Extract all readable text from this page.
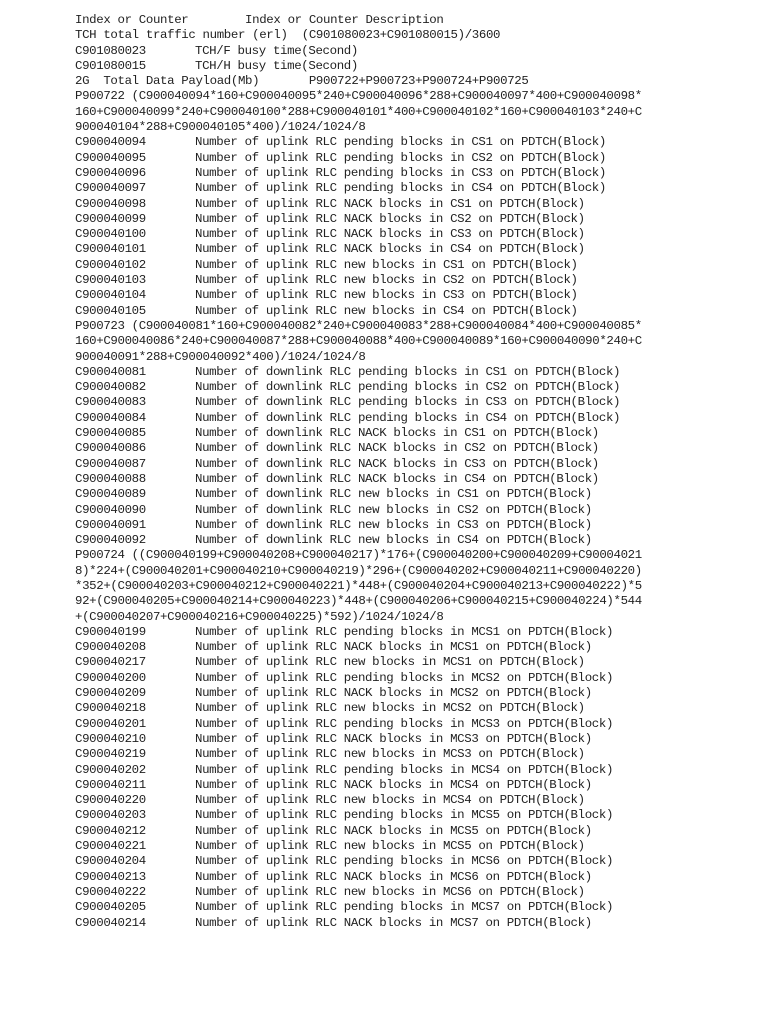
Index or Counter        Index or Counter Description
TCH total traffic number (erl)  (C901080023+C901080015)/3600
C901080023	TCH/F busy time(Second)
C901080015	TCH/H busy time(Second)
2G  Total Data Payload(Mb)       P900722+P900723+P900724+P900725
P900722 (C900040094*160+C900040095*240+C900040096*288+C900040097*400+C900040098*
160+C900040099*240+C900040100*288+C900040101*400+C900040102*160+C900040103*240+C
900040104*288+C900040105*400)/1024/1024/8
C900040094	Number of uplink RLC pending blocks in CS1 on PDTCH(Block)
C900040095	Number of uplink RLC pending blocks in CS2 on PDTCH(Block)
C900040096	Number of uplink RLC pending blocks in CS3 on PDTCH(Block)
C900040097	Number of uplink RLC pending blocks in CS4 on PDTCH(Block)
C900040098	Number of uplink RLC NACK blocks in CS1 on PDTCH(Block)
C900040099	Number of uplink RLC NACK blocks in CS2 on PDTCH(Block)
C900040100	Number of uplink RLC NACK blocks in CS3 on PDTCH(Block)
C900040101	Number of uplink RLC NACK blocks in CS4 on PDTCH(Block)
C900040102	Number of uplink RLC new blocks in CS1 on PDTCH(Block)
C900040103	Number of uplink RLC new blocks in CS2 on PDTCH(Block)
C900040104	Number of uplink RLC new blocks in CS3 on PDTCH(Block)
C900040105	Number of uplink RLC new blocks in CS4 on PDTCH(Block)
P900723 (C900040081*160+C900040082*240+C900040083*288+C900040084*400+C900040085*
160+C900040086*240+C900040087*288+C900040088*400+C900040089*160+C900040090*240+C
900040091*288+C900040092*400)/1024/1024/8
C900040081	Number of downlink RLC pending blocks in CS1 on PDTCH(Block)
C900040082	Number of downlink RLC pending blocks in CS2 on PDTCH(Block)
C900040083	Number of downlink RLC pending blocks in CS3 on PDTCH(Block)
C900040084	Number of downlink RLC pending blocks in CS4 on PDTCH(Block)
C900040085	Number of downlink RLC NACK blocks in CS1 on PDTCH(Block)
C900040086	Number of downlink RLC NACK blocks in CS2 on PDTCH(Block)
C900040087	Number of downlink RLC NACK blocks in CS3 on PDTCH(Block)
C900040088	Number of downlink RLC NACK blocks in CS4 on PDTCH(Block)
C900040089	Number of downlink RLC new blocks in CS1 on PDTCH(Block)
C900040090	Number of downlink RLC new blocks in CS2 on PDTCH(Block)
C900040091	Number of downlink RLC new blocks in CS3 on PDTCH(Block)
C900040092	Number of downlink RLC new blocks in CS4 on PDTCH(Block)
P900724 ((C900040199+C900040208+C900040217)*176+(C900040200+C900040209+C90004021
8)*224+(C900040201+C900040210+C900040219)*296+(C900040202+C900040211+C900040220)
*352+(C900040203+C900040212+C900040221)*448+(C900040204+C900040213+C900040222)*5
92+(C900040205+C900040214+C900040223)*448+(C900040206+C900040215+C900040224)*544
+(C900040207+C900040216+C900040225)*592)/1024/1024/8
C900040199	Number of uplink RLC pending blocks in MCS1 on PDTCH(Block)
C900040208	Number of uplink RLC NACK blocks in MCS1 on PDTCH(Block)
C900040217	Number of uplink RLC new blocks in MCS1 on PDTCH(Block)
C900040200	Number of uplink RLC pending blocks in MCS2 on PDTCH(Block)
C900040209	Number of uplink RLC NACK blocks in MCS2 on PDTCH(Block)
C900040218	Number of uplink RLC new blocks in MCS2 on PDTCH(Block)
C900040201	Number of uplink RLC pending blocks in MCS3 on PDTCH(Block)
C900040210	Number of uplink RLC NACK blocks in MCS3 on PDTCH(Block)
C900040219	Number of uplink RLC new blocks in MCS3 on PDTCH(Block)
C900040202	Number of uplink RLC pending blocks in MCS4 on PDTCH(Block)
C900040211	Number of uplink RLC NACK blocks in MCS4 on PDTCH(Block)
C900040220	Number of uplink RLC new blocks in MCS4 on PDTCH(Block)
C900040203	Number of uplink RLC pending blocks in MCS5 on PDTCH(Block)
C900040212	Number of uplink RLC NACK blocks in MCS5 on PDTCH(Block)
C900040221	Number of uplink RLC new blocks in MCS5 on PDTCH(Block)
C900040204	Number of uplink RLC pending blocks in MCS6 on PDTCH(Block)
C900040213	Number of uplink RLC NACK blocks in MCS6 on PDTCH(Block)
C900040222	Number of uplink RLC new blocks in MCS6 on PDTCH(Block)
C900040205	Number of uplink RLC pending blocks in MCS7 on PDTCH(Block)
C900040214	Number of uplink RLC NACK blocks in MCS7 on PDTCH(Block)
